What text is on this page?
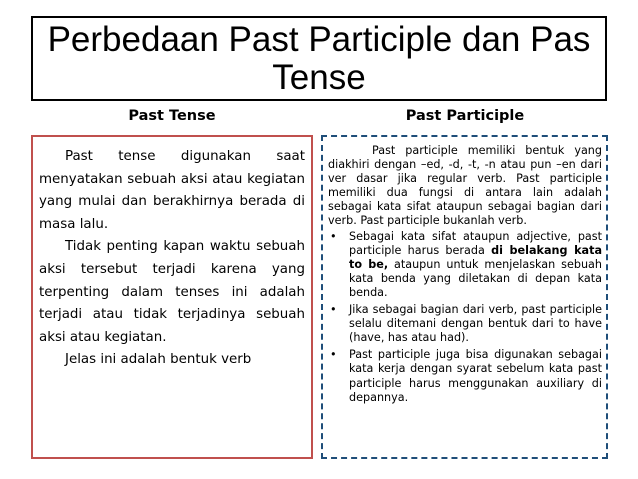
Perbedaan Past Participle dan Pas Tense
Past Tense	Past Participle

Past tense digunakan saat menyatakan sebuah aksi atau kegiatan yang mulai dan berakhirnya berada di masa lalu.

Tidak penting kapan waktu sebuah aksi tersebut terjadi karena yang terpenting dalam tenses ini adalah terjadi atau tidak terjadinya sebuah aksi atau kegiatan.

Jelas ini adalah bentuk verb

Past participle memiliki bentuk yang diakhiri dengan –ed, -d, -t, -n atau pun –en dari ver dasar jika regular verb. Past participle memiliki dua fungsi di antara lain adalah sebagai kata sifat ataupun sebagai bagian dari verb. Past participle bukanlah verb.

• Sebagai kata sifat ataupun adjective, past participle harus berada di belakang kata to be, ataupun untuk menjelaskan sebuah kata benda yang diletakan di depan kata benda.
• Jika sebagai bagian dari verb, past participle selalu ditemani dengan bentuk dari to have (have, has atau had).
• Past participle juga bisa digunakan sebagai kata kerja dengan syarat sebelum kata past participle harus menggunakan auxiliary di depannya.
